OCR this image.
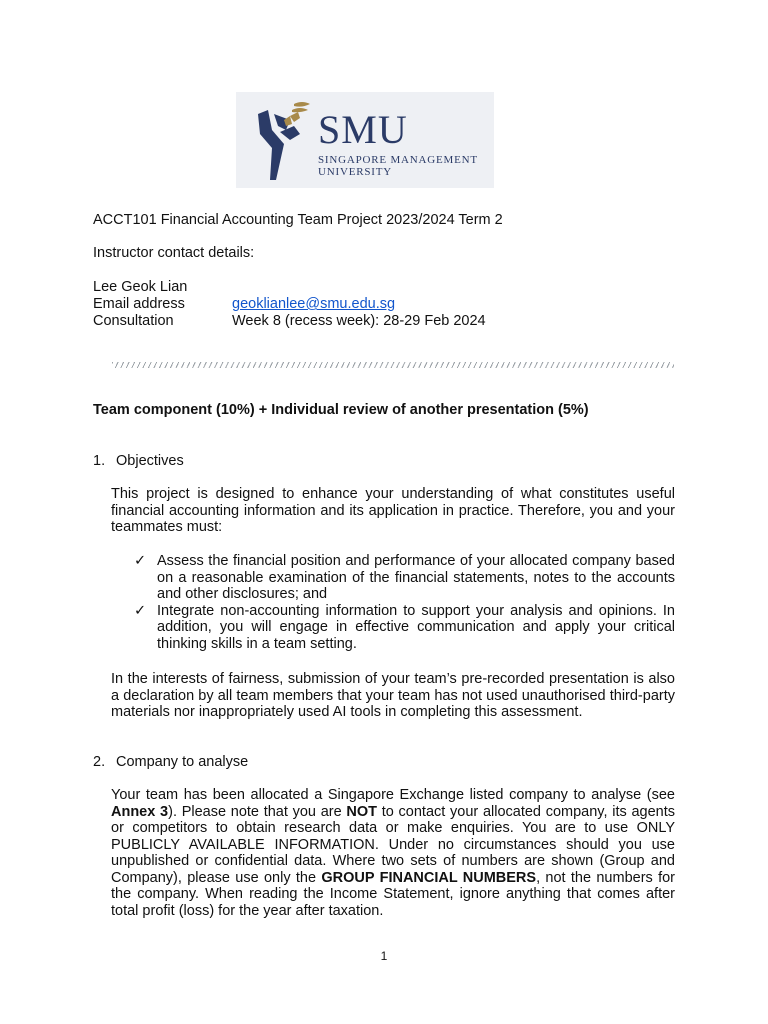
SMU
SINGAPORE MANAGEMENT
UNIVERSITY
ACCT101 Financial Accounting Team Project 2023/2024 Term 2
Instructor contact details:
Lee Geok Lian
Email address	geoklianlee@smu.edu.sg
Consultation	Week 8 (recess week): 28-29 Feb 2024
Team component (10%) + Individual review of another presentation (5%)
1. Objectives
This project is designed to enhance your understanding of what constitutes useful financial accounting information and its application in practice. Therefore, you and your teammates must:
✓ Assess the financial position and performance of your allocated company based on a reasonable examination of the financial statements, notes to the accounts and other disclosures; and
✓ Integrate non-accounting information to support your analysis and opinions. In addition, you will engage in effective communication and apply your critical thinking skills in a team setting.
In the interests of fairness, submission of your team’s pre-recorded presentation is also a declaration by all team members that your team has not used unauthorised third-party materials nor inappropriately used AI tools in completing this assessment.
2. Company to analyse
Your team has been allocated a Singapore Exchange listed company to analyse (see Annex 3). Please note that you are NOT to contact your allocated company, its agents or competitors to obtain research data or make enquiries. You are to use ONLY PUBLICLY AVAILABLE INFORMATION. Under no circumstances should you use unpublished or confidential data. Where two sets of numbers are shown (Group and Company), please use only the GROUP FINANCIAL NUMBERS, not the numbers for the company. When reading the Income Statement, ignore anything that comes after total profit (loss) for the year after taxation.
1
